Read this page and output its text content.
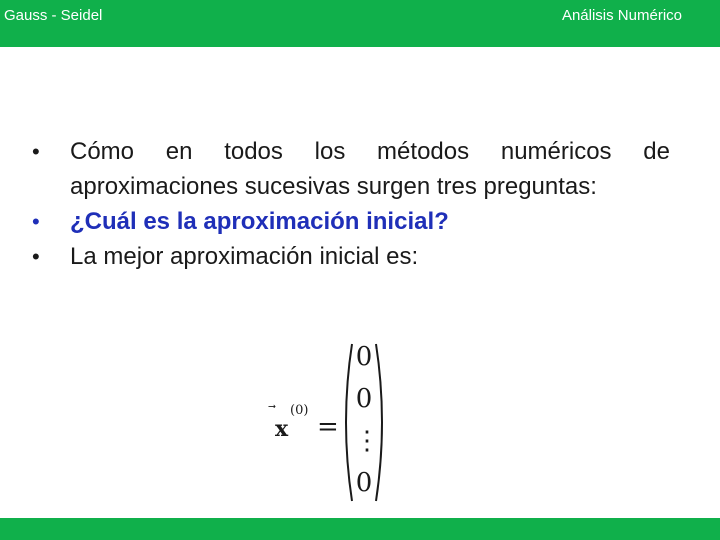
Gauss - Seidel	Análisis Numérico
• Cómo en todos los métodos numéricos de aproximaciones sucesivas surgen tres preguntas:
• ¿Cuál es la aproximación inicial?
• La mejor aproximación inicial es:
x
(0)
=
0
0
⋮
0
